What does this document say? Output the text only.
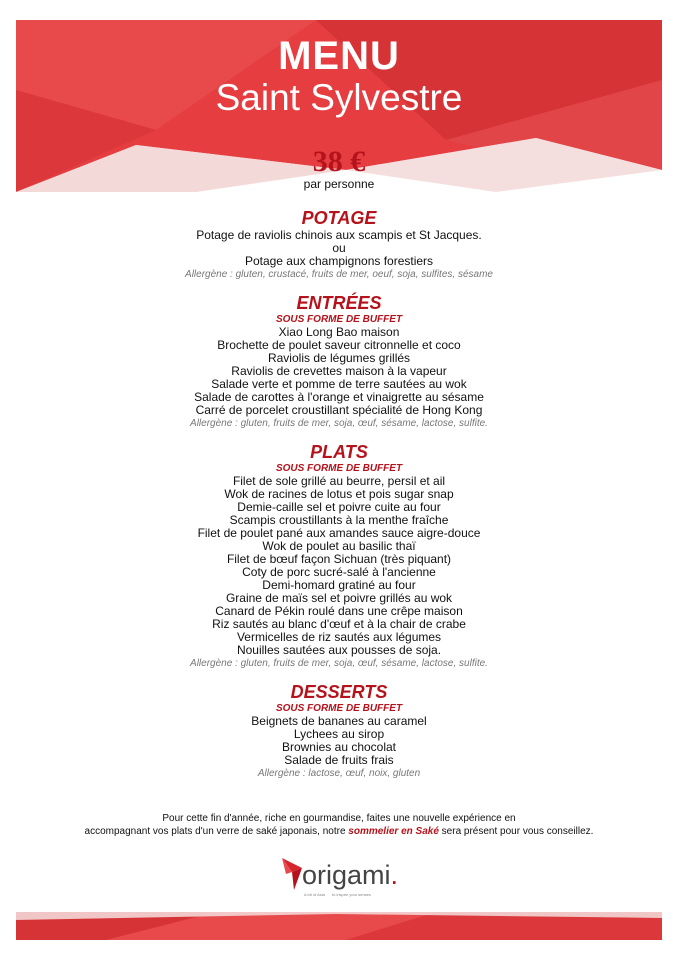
MENU
Saint Sylvestre
38 €
par personne
POTAGE
Potage de raviolis chinois aux scampis et St Jacques.
ou
Potage aux champignons forestiers
Allergène : gluten, crustacé, fruits de mer, oeuf, soja, sulfites, sésame
ENTRÉES
SOUS FORME DE BUFFET
Xiao Long Bao maison
Brochette de poulet saveur citronnelle et coco
Raviolis de légumes grillés
Raviolis de crevettes maison à la vapeur
Salade verte et pomme de terre sautées au wok
Salade de carottes à l'orange et vinaigrette au sésame
Carré de porcelet croustillant spécialité de Hong Kong
Allergène : gluten, fruits de mer, soja, œuf, sésame, lactose, sulfite.
PLATS
SOUS FORME DE BUFFET
Filet de sole grillé au beurre, persil et ail
Wok de racines de lotus et pois sugar snap
Demie-caille sel et poivre cuite au four
Scampis croustillants à la menthe fraîche
Filet de poulet pané aux amandes sauce aigre-douce
Wok de poulet au basilic thaï
Filet de bœuf façon Sichuan (très piquant)
Coty de porc sucré-salé à l'ancienne
Demi-homard gratiné au four
Graine de maïs sel et poivre grillés au wok
Canard de Pékin roulé dans une crêpe maison
Riz sautés au blanc d'œuf et à la chair de crabe
Vermicelles de riz sautés aux légumes
Nouilles sautées aux pousses de soja.
Allergène : gluten, fruits de mer, soja, œuf, sésame, lactose, sulfite.
DESSERTS
SOUS FORME DE BUFFET
Beignets de bananes au caramel
Lychees au sirop
Brownies au chocolat
Salade de fruits frais
Allergène : lactose, œuf, noix, gluten
Pour cette fin d'année, riche en gourmandise, faites une nouvelle expérience en
accompagnant vos plats d'un verre de saké japonais, notre sommelier en Saké sera présent pour vous conseillez.
origami.
A bit of Asia to inspire your senses
